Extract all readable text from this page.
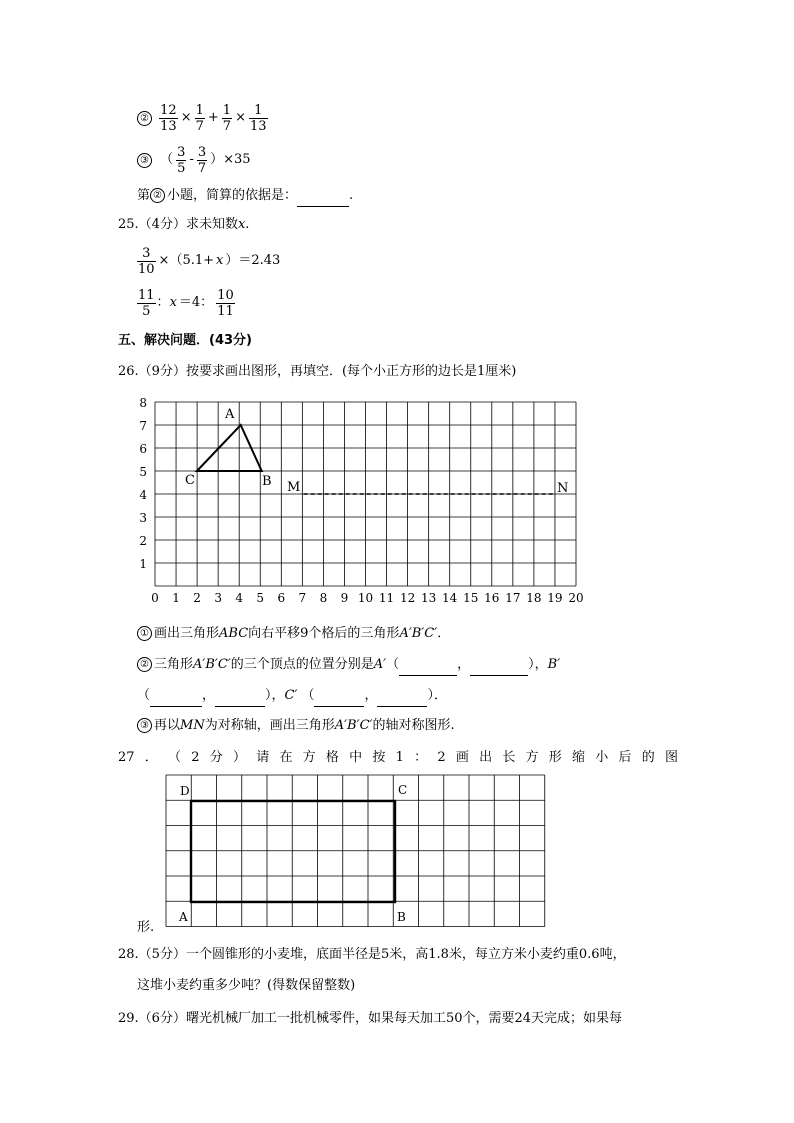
② $\frac{12}{13} \times \frac{1}{7} + \frac{1}{7} \times \frac{1}{13}$
③ （ $\frac{3}{5} - \frac{3}{7} )\times 35$
第 ② 小题，简算的依据是：	.
25.（4分）求未知数x.
$\frac{3}{10} \times(5.1+ x$ ）＝2.43
$\frac{11}{5}$ ：x ＝4： $\frac{10}{11}$
五、解决问题．(43分)
26.（9分）按要求画出图形，再填空．(每个小正方形的边长是1厘米)
0 1 2 3 4 5 6 7 8 9 10 11 12 13 14 15 16 17 18 19 20
1
2
3
4
5
6
7
8
A
C	B M	N
① 画出三角形ABC向右平移9个格后的三角形A′B′C′．
② 三角形A′B′C′的三个顶点的位置分别是A′（	，	），B′
（	，	），C′ （	，	）．
③ 再以MN为对称轴，画出三角形A′B′C′的轴对称图形.
27 ． （ 2 分 ） 请 在 方 格 中 按 1 ： 2 画 出 长 方 形 缩 小 后 的 图
D	C
A	B
形.
28.（5分）一个圆锥形的小麦堆，底面半径是5米，高1.8米，每立方米小麦约重0.6吨，
这堆小麦约重多少吨？(得数保留整数)
29.（6分）曙光机械厂加工一批机械零件，如果每天加工50个，需要24天完成；如果每
